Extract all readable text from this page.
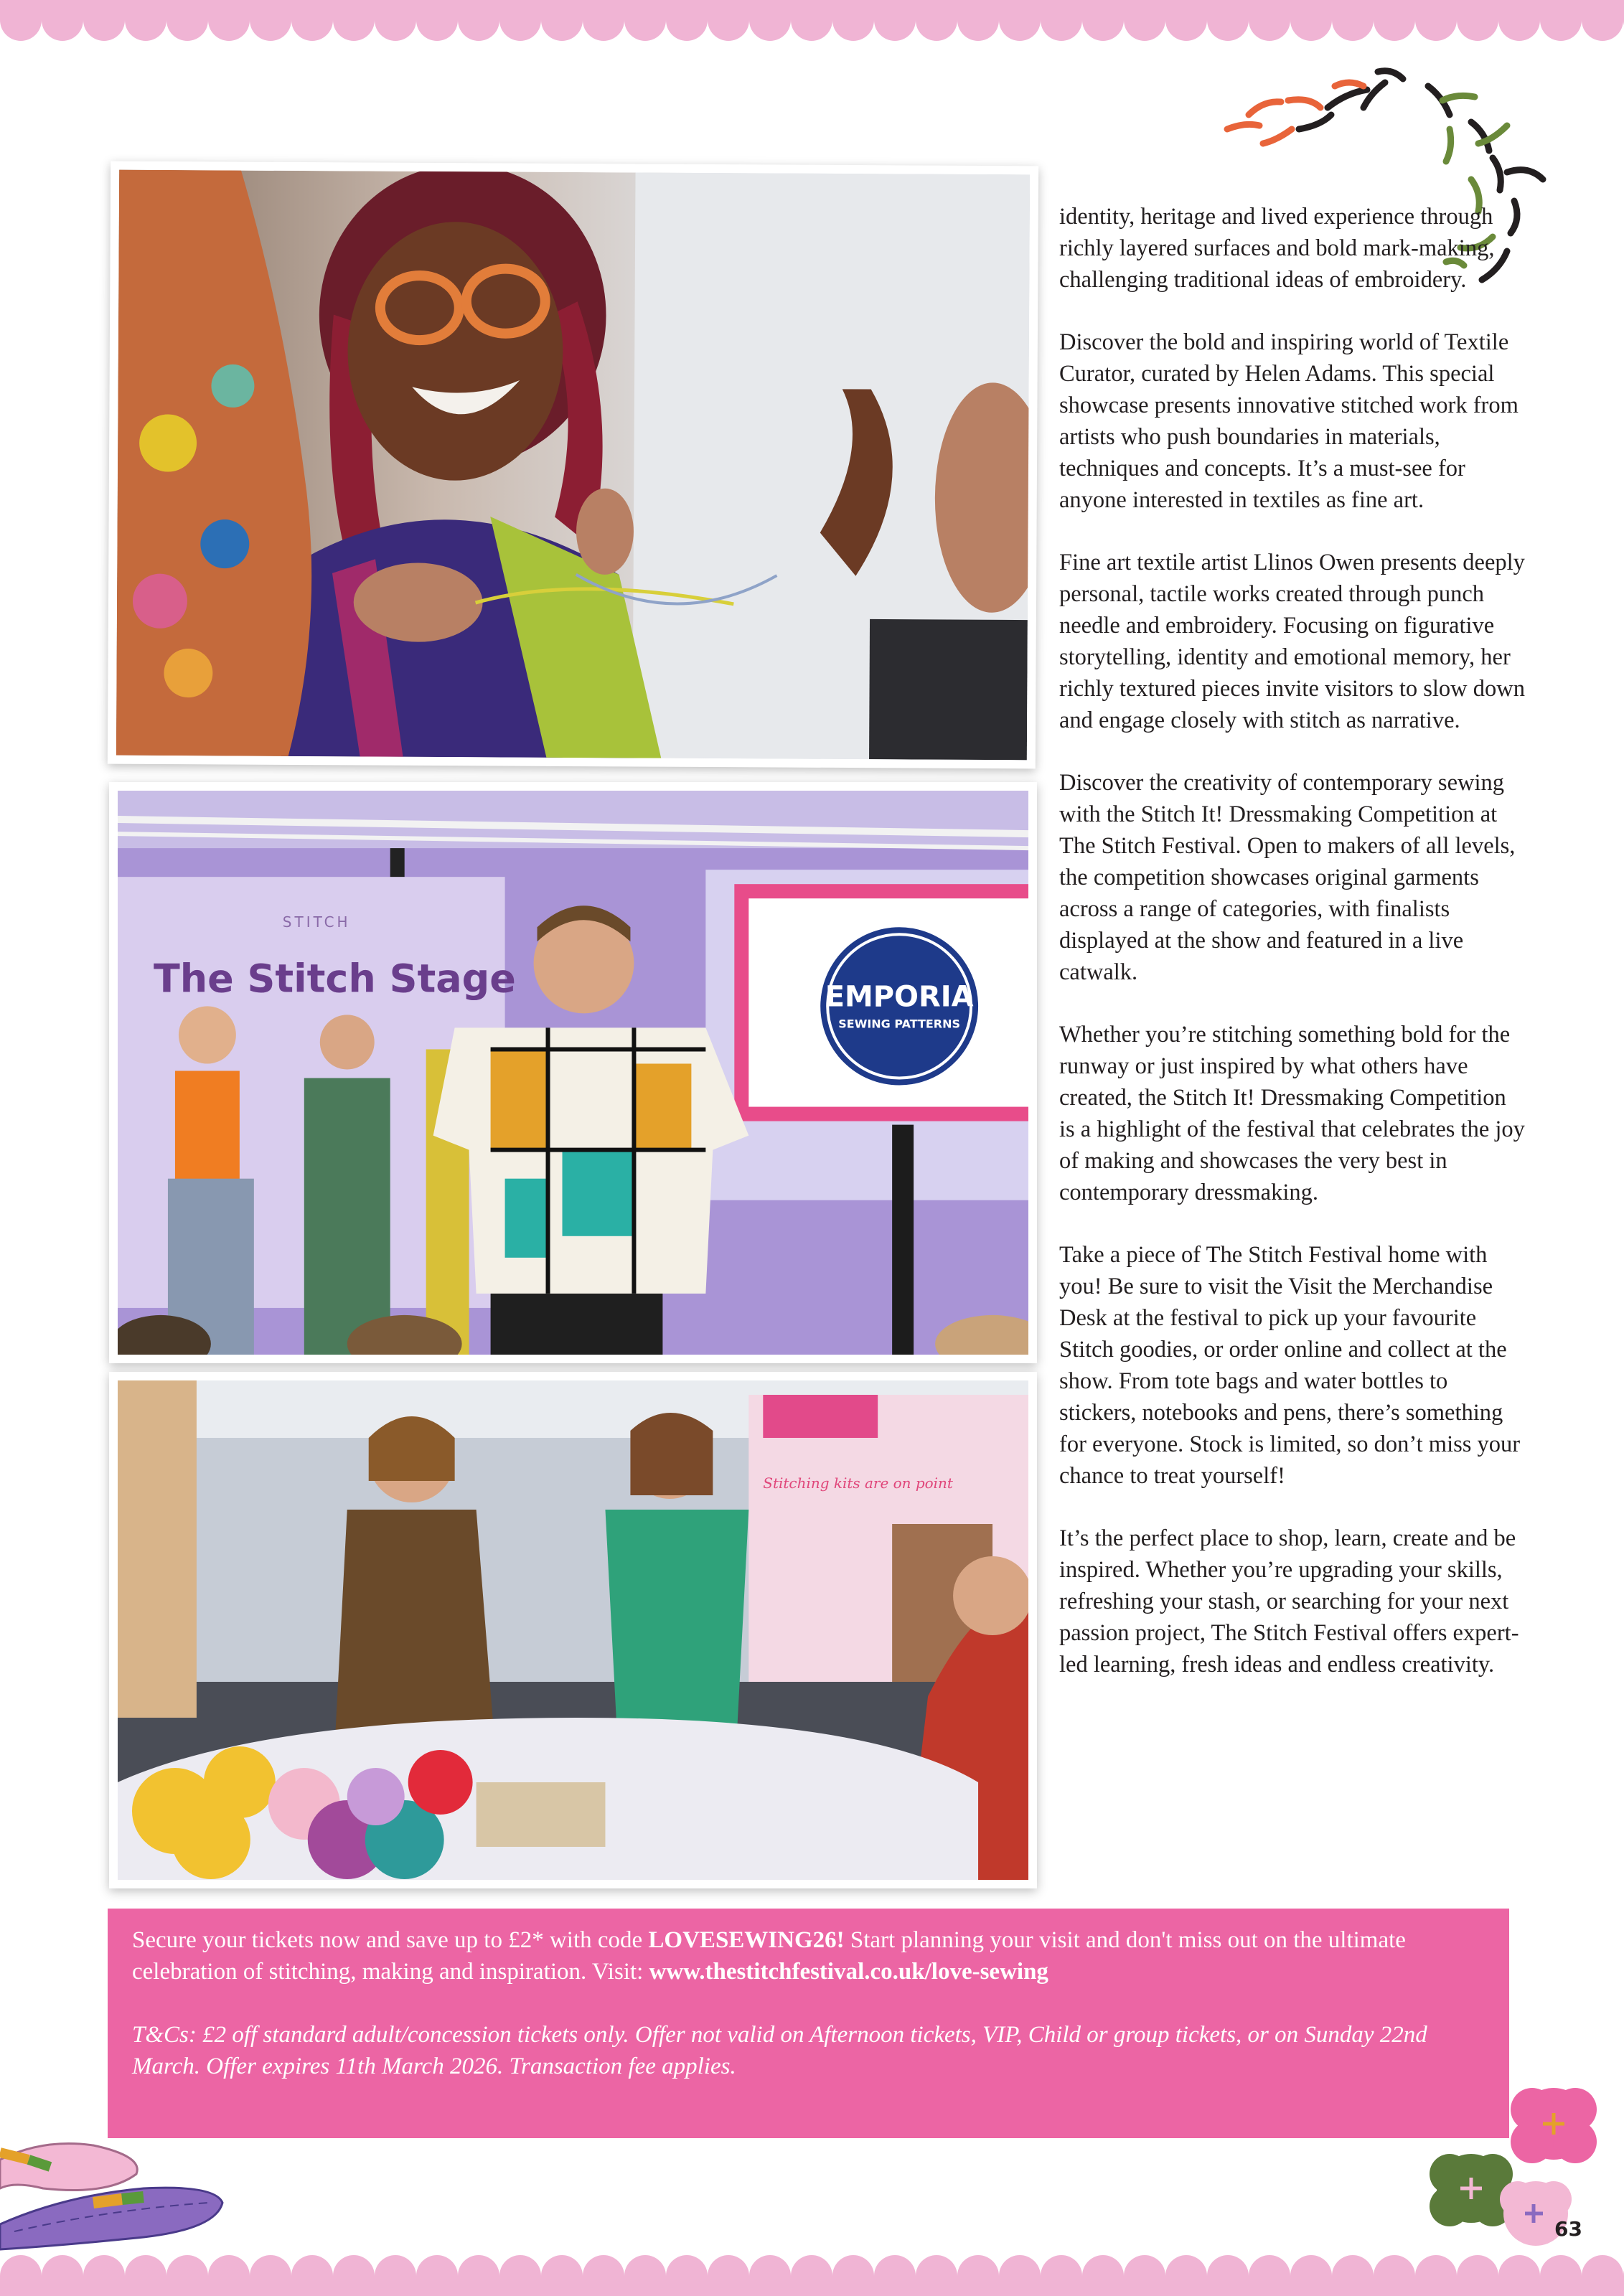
STITCH
The Stitch Stage	EMPORIA
SEWING PATTERNS
Stitching kits are on point

identity, heritage and lived experience through richly layered surfaces and bold mark-making, challenging traditional ideas of embroidery.

Discover the bold and inspiring world of Textile Curator, curated by Helen Adams. This special showcase presents innovative stitched work from artists who push boundaries in materials, techniques and concepts. It’s a must-see for anyone interested in textiles as fine art.

Fine art textile artist Llinos Owen presents deeply personal, tactile works created through punch needle and embroidery. Focusing on figurative storytelling, identity and emotional memory, her richly textured pieces invite visitors to slow down and engage closely with stitch as narrative.

Discover the creativity of contemporary sewing with the Stitch It! Dressmaking Competition at The Stitch Festival. Open to makers of all levels, the competition showcases original garments across a range of categories, with finalists displayed at the show and featured in a live catwalk.

Whether you’re stitching something bold for the runway or just inspired by what others have created, the Stitch It! Dressmaking Competition is a highlight of the festival that celebrates the joy of making and showcases the very best in contemporary dressmaking.

Take a piece of The Stitch Festival home with you! Be sure to visit the Visit the Merchandise Desk at the festival to pick up your favourite Stitch goodies, or order online and collect at the show. From tote bags and water bottles to stickers, notebooks and pens, there’s something for everyone. Stock is limited, so don’t miss your chance to treat yourself!

It’s the perfect place to shop, learn, create and be inspired. Whether you’re upgrading your skills, refreshing your stash, or searching for your next passion project, The Stitch Festival offers expert-led learning, fresh ideas and endless creativity.

Secure your tickets now and save up to £2* with code LOVESEWING26! Start planning your visit and don't miss out on the ultimate celebration of stitching, making and inspiration. Visit: www.thestitchfestival.co.uk/love-sewing

T&Cs: £2 off standard adult/concession tickets only. Offer not valid on Afternoon tickets, VIP, Child or group tickets, or on Sunday 22nd March. Offer expires 11th March 2026. Transaction fee applies.

63
